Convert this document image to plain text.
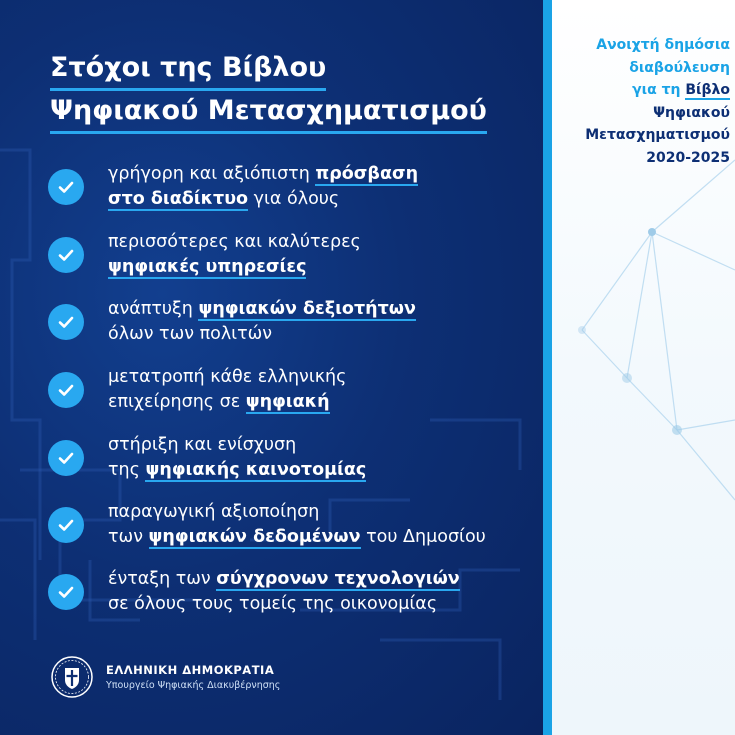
Στόχοι της Βίβλου
Ψηφιακού Μετασχηματισμού
γρήγορη και αξιόπιστη πρόσβαση
στο διαδίκτυο για όλους
περισσότερες και καλύτερες
ψηφιακές υπηρεσίες
ανάπτυξη ψηφιακών δεξιοτήτων
όλων των πολιτών
μετατροπή κάθε ελληνικής
επιχείρησης σε ψηφιακή
στήριξη και ενίσχυση
της ψηφιακής καινοτομίας
παραγωγική αξιοποίηση
των ψηφιακών δεδομένων του Δημοσίου
ένταξη των σύγχρονων τεχνολογιών
σε όλους τους τομείς της οικονομίας
ΕΛΛΗΝΙΚΗ ΔΗΜΟΚΡΑΤΙΑ
Υπουργείο Ψηφιακής Διακυβέρνησης
Ανοιχτή δημόσια
διαβούλευση
για τη Βίβλο
Ψηφιακού
Μετασχηματισμού
2020-2025
